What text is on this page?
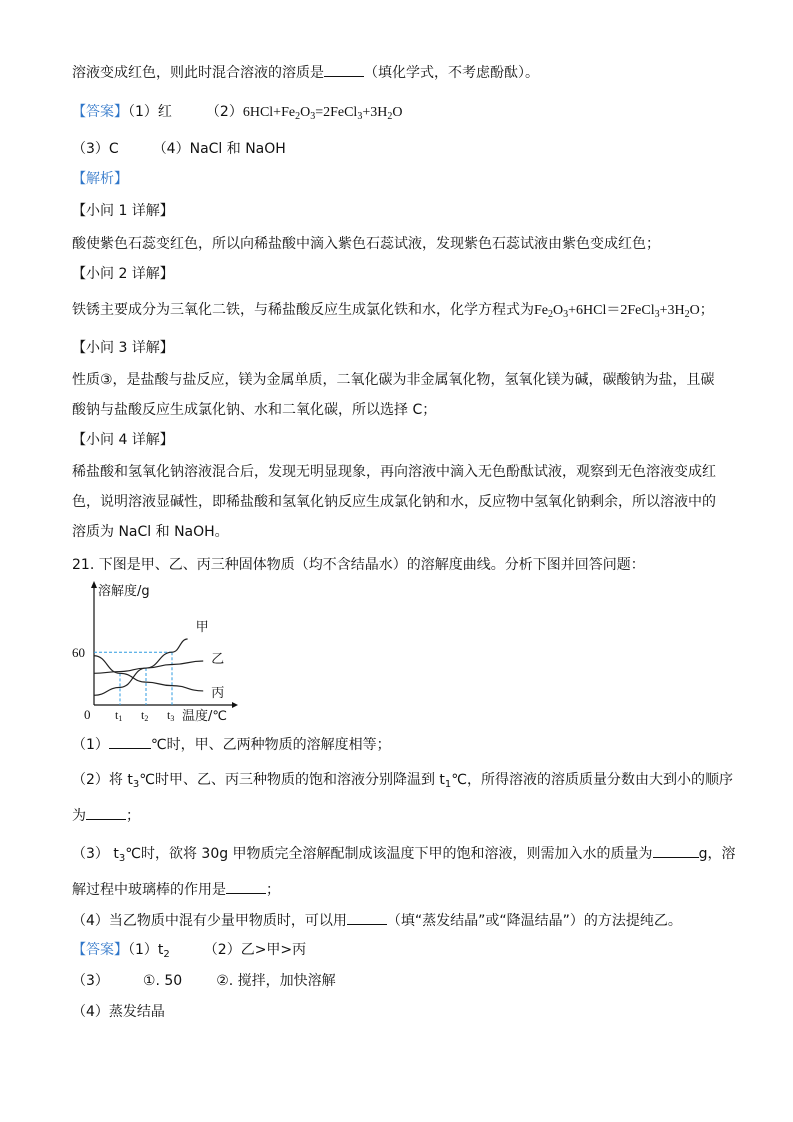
溶液变成红色，则此时混合溶液的溶质是	（填化学式，不考虑酚酞）。
【答案】（1）红 $(2)6HCl+Fe_2O_3=2FeCl_3+3H_2O$
（3）C （4）NaCl 和 NaOH
【解析】
【小问 1 详解】
酸使紫色石蕊变红色，所以向稀盐酸中滴入紫色石蕊试液，发现紫色石蕊试液由紫色变成红色；
【小问 2 详解】
铁锈主要成分为三氧化二铁，与稀盐酸反应生成氯化铁和水，化学方程式为$Fe_2O_3+6HCl=2FeCl_3+3H_2O$；
【小问 3 详解】
性质③，是盐酸与盐反应，镁为金属单质，二氧化碳为非金属氧化物，氢氧化镁为碱，碳酸钠为盐，且碳
酸钠与盐酸反应生成氯化钠、水和二氧化碳，所以选择 C；
【小问 4 详解】
稀盐酸和氢氧化钠溶液混合后，发现无明显现象，再向溶液中滴入无色酚酞试液，观察到无色溶液变成红
色，说明溶液显碱性，即稀盐酸和氢氧化钠反应生成氯化钠和水，反应物中氢氧化钠剩余，所以溶液中的
溶质为 NaCl 和 NaOH。
21. 下图是甲、乙、丙三种固体物质（均不含结晶水）的溶解度曲线。分析下图并回答问题：
甲
乙
丙
溶解度/g
60
0 t1 t2 t3 温度/℃
（1）	℃时，甲、乙两种物质的溶解度相等；
（2）将 $t_3℃$时甲、乙、丙三种物质的饱和溶液分别降温到 $t_1℃$，所得溶液的溶质质量分数由大到小的顺序
为	；
（3） $t_3℃$时，欲将 30g 甲物质完全溶解配制成该温度下甲的饱和溶液，则需加入水的质量为	g，溶
解过程中玻璃棒的作用是	；
（4）当乙物质中混有少量甲物质时，可以用	（填“蒸发结晶”或“降温结晶”）的方法提纯乙。
【答案】$(1)t_2$ （2）乙>甲>丙
（3） ①. 50 ②. 搅拌，加快溶解
（4）蒸发结晶
